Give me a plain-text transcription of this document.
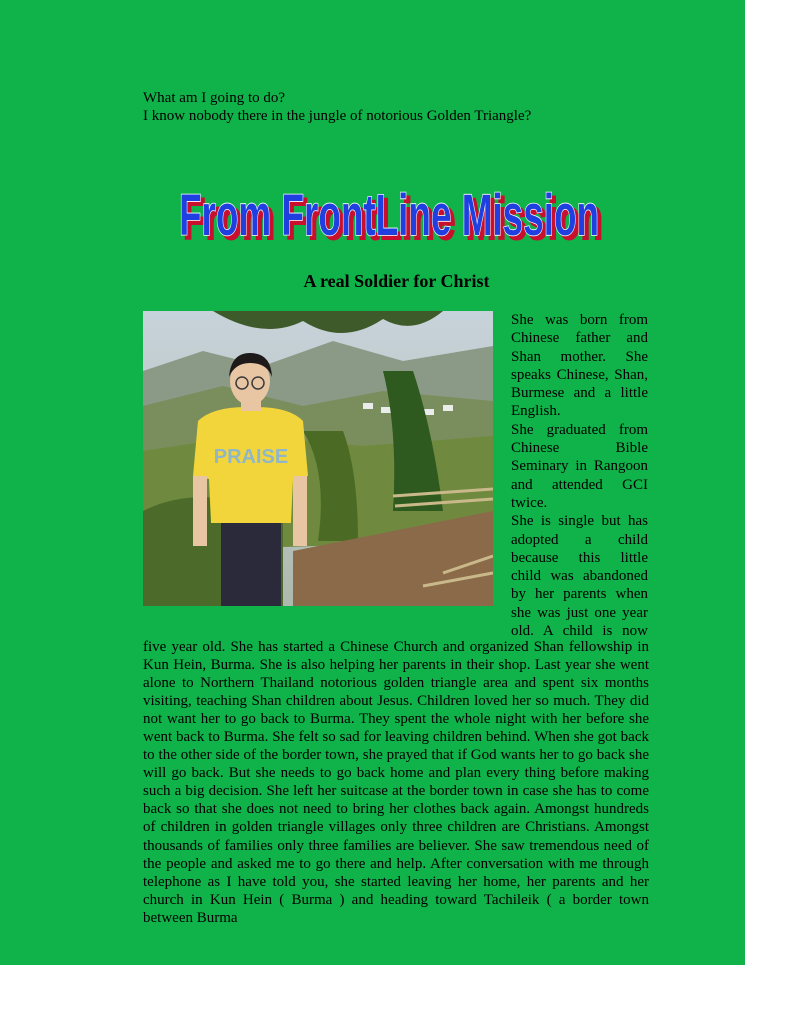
What am I going to do?
I know nobody there in the jungle of notorious Golden Triangle?
From FrontLine Mission
From FrontLine Mission
A real Soldier for Christ
PRAISE

She was born from Chinese father and Shan mother. She speaks Chinese, Shan, Burmese and a little English.

She graduated from Chinese Bible Seminary in Rangoon and attended GCI twice.

She is single but has adopted a child because this little child was abandoned by her parents when she was just one year old. A child is now

five year old. She has started a Chinese Church and organized Shan fellowship in Kun Hein, Burma. She is also helping her parents in their shop. Last year she went alone to Northern Thailand notorious golden triangle area and spent six months visiting, teaching Shan children about Jesus. Children loved her so much. They did not want her to go back to Burma. They spent the whole night with her before she went back to Burma. She felt so sad for leaving children behind. When she got back to the other side of the border town, she prayed that if God wants her to go back she will go back. But she needs to go back home and plan every thing before making such a big decision. She left her suitcase at the border town in case she has to come back so that she does not need to bring her clothes back again. Amongst hundreds of children in golden triangle villages only three children are Christians. Amongst thousands of families only three families are believer. She saw tremendous need of the people and asked me to go there and help. After conversation with me through telephone as I have told you, she started leaving her home, her parents and her church in Kun Hein ( Burma ) and heading toward Tachileik ( a border town between Burma
